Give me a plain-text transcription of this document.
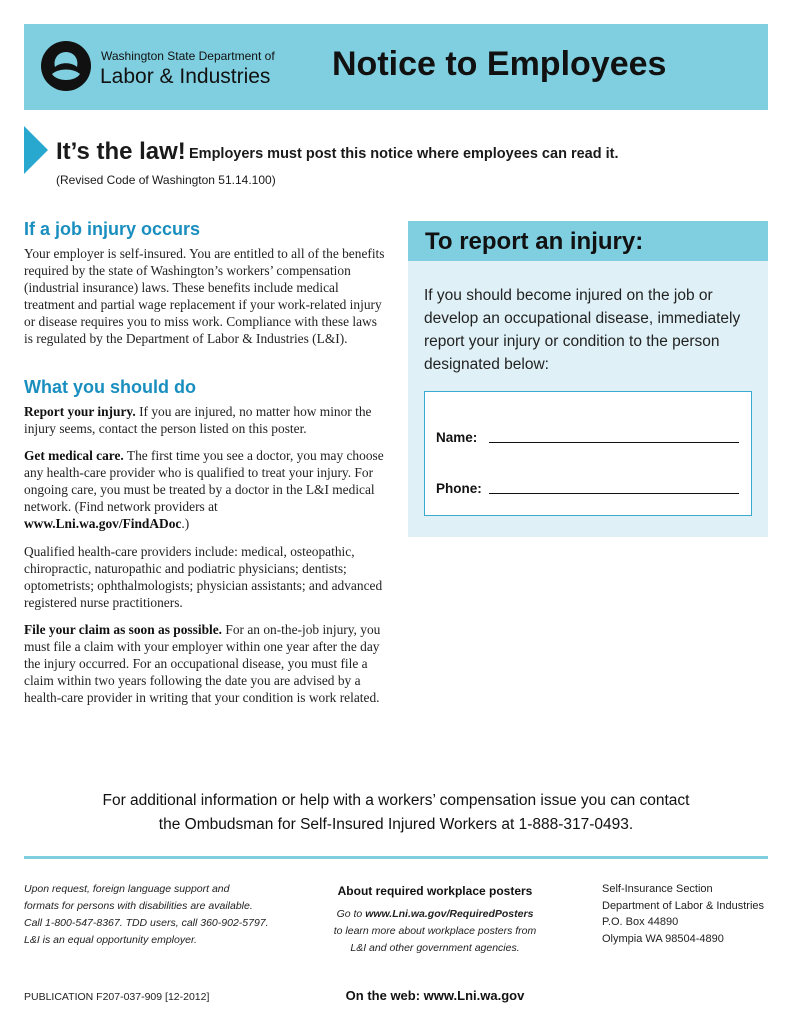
Washington State Department of
Labor & Industries Notice to Employees
It’s the law! Employers must post this notice where employees can read it.
(Revised Code of Washington 51.14.100)
If a job injury occurs
Your employer is self-insured. You are entitled to all of the benefits required by the state of Washington’s workers’ compensation (industrial insurance) laws. These benefits include medical treatment and partial wage replacement if your work-related injury or disease requires you to miss work. Compliance with these laws is regulated by the Department of Labor & Industries (L&I).
What you should do
Report your injury. If you are injured, no matter how minor the injury seems, contact the person listed on this poster.
Get medical care. The first time you see a doctor, you may choose any health-care provider who is qualified to treat your injury. For ongoing care, you must be treated by a doctor in the L&I medical network. (Find network providers at www.Lni.wa.gov/FindADoc.)
Qualified health-care providers include: medical, osteopathic, chiropractic, naturopathic and podiatric physicians; dentists; optometrists; ophthalmologists; physician assistants; and advanced registered nurse practitioners.
File your claim as soon as possible. For an on-the-job injury, you must file a claim with your employer within one year after the day the injury occurred. For an occupational disease, you must file a claim within two years following the date you are advised by a health-care provider in writing that your condition is work related.
To report an injury:
If you should become injured on the job or develop an occupational disease, immediately report your injury or condition to the person designated below:
Name:
Phone:
For additional information or help with a workers’ compensation issue you can contact
the Ombudsman for Self-Insured Injured Workers at 1-888-317-0493.
Upon request, foreign language support and
formats for persons with disabilities are available.
Call 1-800-547-8367. TDD users, call 360-902-5797.
L&I is an equal opportunity employer.
About required workplace posters
Go to www.Lni.wa.gov/RequiredPosters
to learn more about workplace posters from
L&I and other government agencies.
Self-Insurance Section
Department of Labor & Industries
P.O. Box 44890
Olympia WA 98504-4890
PUBLICATION F207-037-909 [12-2012]	On the web: www.Lni.wa.gov
